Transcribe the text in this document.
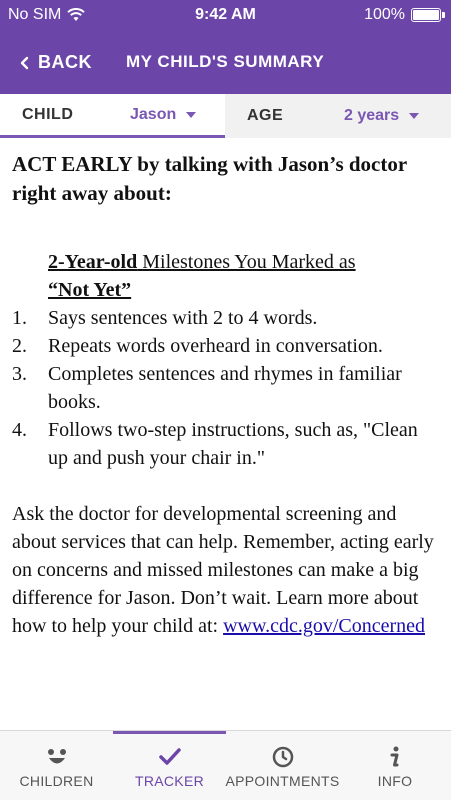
No SIM	9:42 AM	100%
BACK MY CHILD'S SUMMARY
CHILD	Jason	AGE	2 years
ACT EARLY by talking with Jason’s doctor right away about:
2-Year-old Milestones You Marked as
“Not Yet”
1.	Says sentences with 2 to 4 words.
2.	Repeats words overheard in conversation.
3.	Completes sentences and rhymes in familiar books.
4.	Follows two-step instructions, such as, "Clean up and push your chair in."
Ask the doctor for developmental screening and about services that can help. Remember, acting early on concerns and missed milestones can make a big difference for Jason. Don’t wait. Learn more about how to help your child at: www.cdc.gov/Concerned
CHILDREN	TRACKER APPOINTMENTS	INFO
